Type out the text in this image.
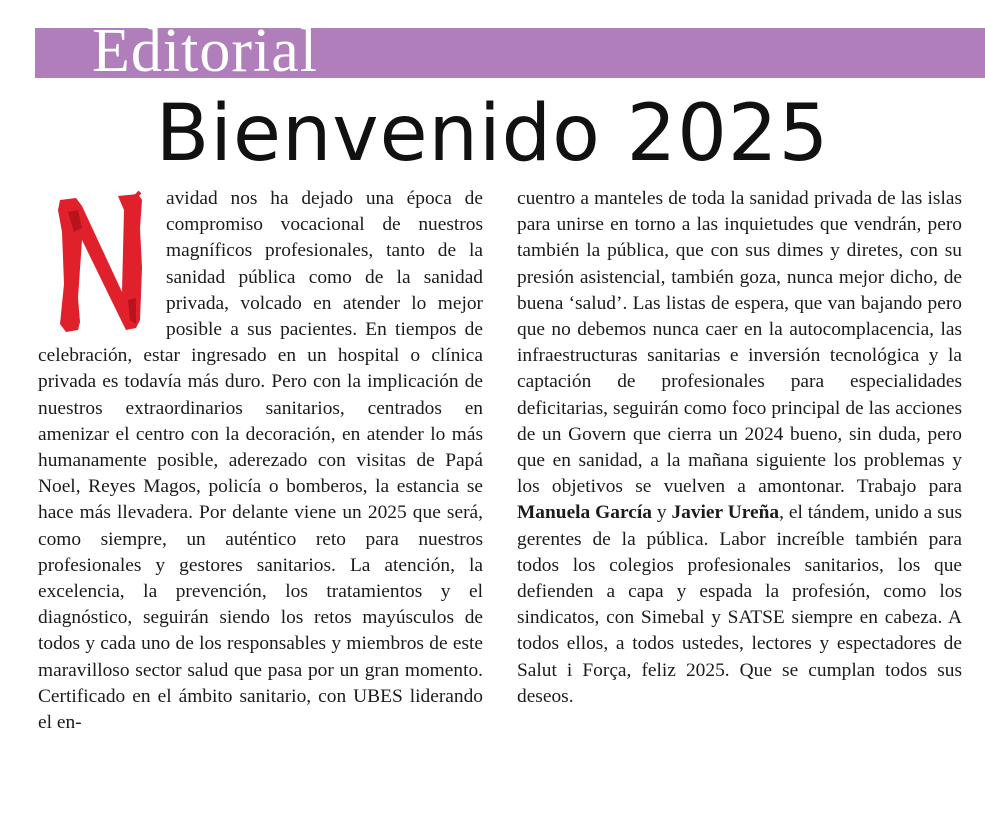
Editorial
Bienvenido 2025
avidad nos ha dejado una época de compromiso vocacional de nuestros magníficos profesionales, tanto de la sanidad pública como de la sanidad privada, volcado en atender lo mejor posible a sus pacientes. En tiempos de celebración, estar ingresado en un hospital o clínica privada es todavía más duro. Pero con la implicación de nuestros extraordinarios sanitarios, centrados en amenizar el centro con la decoración, en atender lo más humanamente posible, aderezado con visitas de Papá Noel, Reyes Magos, policía o bomberos, la estancia se hace más llevadera. Por delante viene un 2025 que será, como siempre, un auténtico reto para nuestros profesionales y gestores sanitarios. La atención, la excelencia, la prevención, los tratamientos y el diagnóstico, seguirán siendo los retos mayúsculos de todos y cada uno de los responsables y miembros de este maravilloso sector salud que pasa por un gran momento. Certificado en el ámbito sanitario, con UBES liderando el en-
cuentro a manteles de toda la sanidad privada de las islas para unirse en torno a las inquietudes que vendrán, pero también la pública, que con sus dimes y diretes, con su presión asistencial, también goza, nunca mejor dicho, de buena ‘salud’. Las listas de espera, que van bajando pero que no debemos nunca caer en la autocomplacencia, las infraestructuras sanitarias e inversión tecnológica y la captación de profesionales para especialidades deficitarias, seguirán como foco principal de las acciones de un Govern que cierra un 2024 bueno, sin duda, pero que en sanidad, a la mañana siguiente los problemas y los objetivos se vuelven a amontonar. Trabajo para Manuela García y Javier Ureña, el tándem, unido a sus gerentes de la pública. Labor increíble también para todos los colegios profesionales sanitarios, los que defienden a capa y espada la profesión, como los sindicatos, con Simebal y SATSE siempre en cabeza. A todos ellos, a todos ustedes, lectores y espectadores de Salut i Força, feliz 2025. Que se cumplan todos sus deseos.
